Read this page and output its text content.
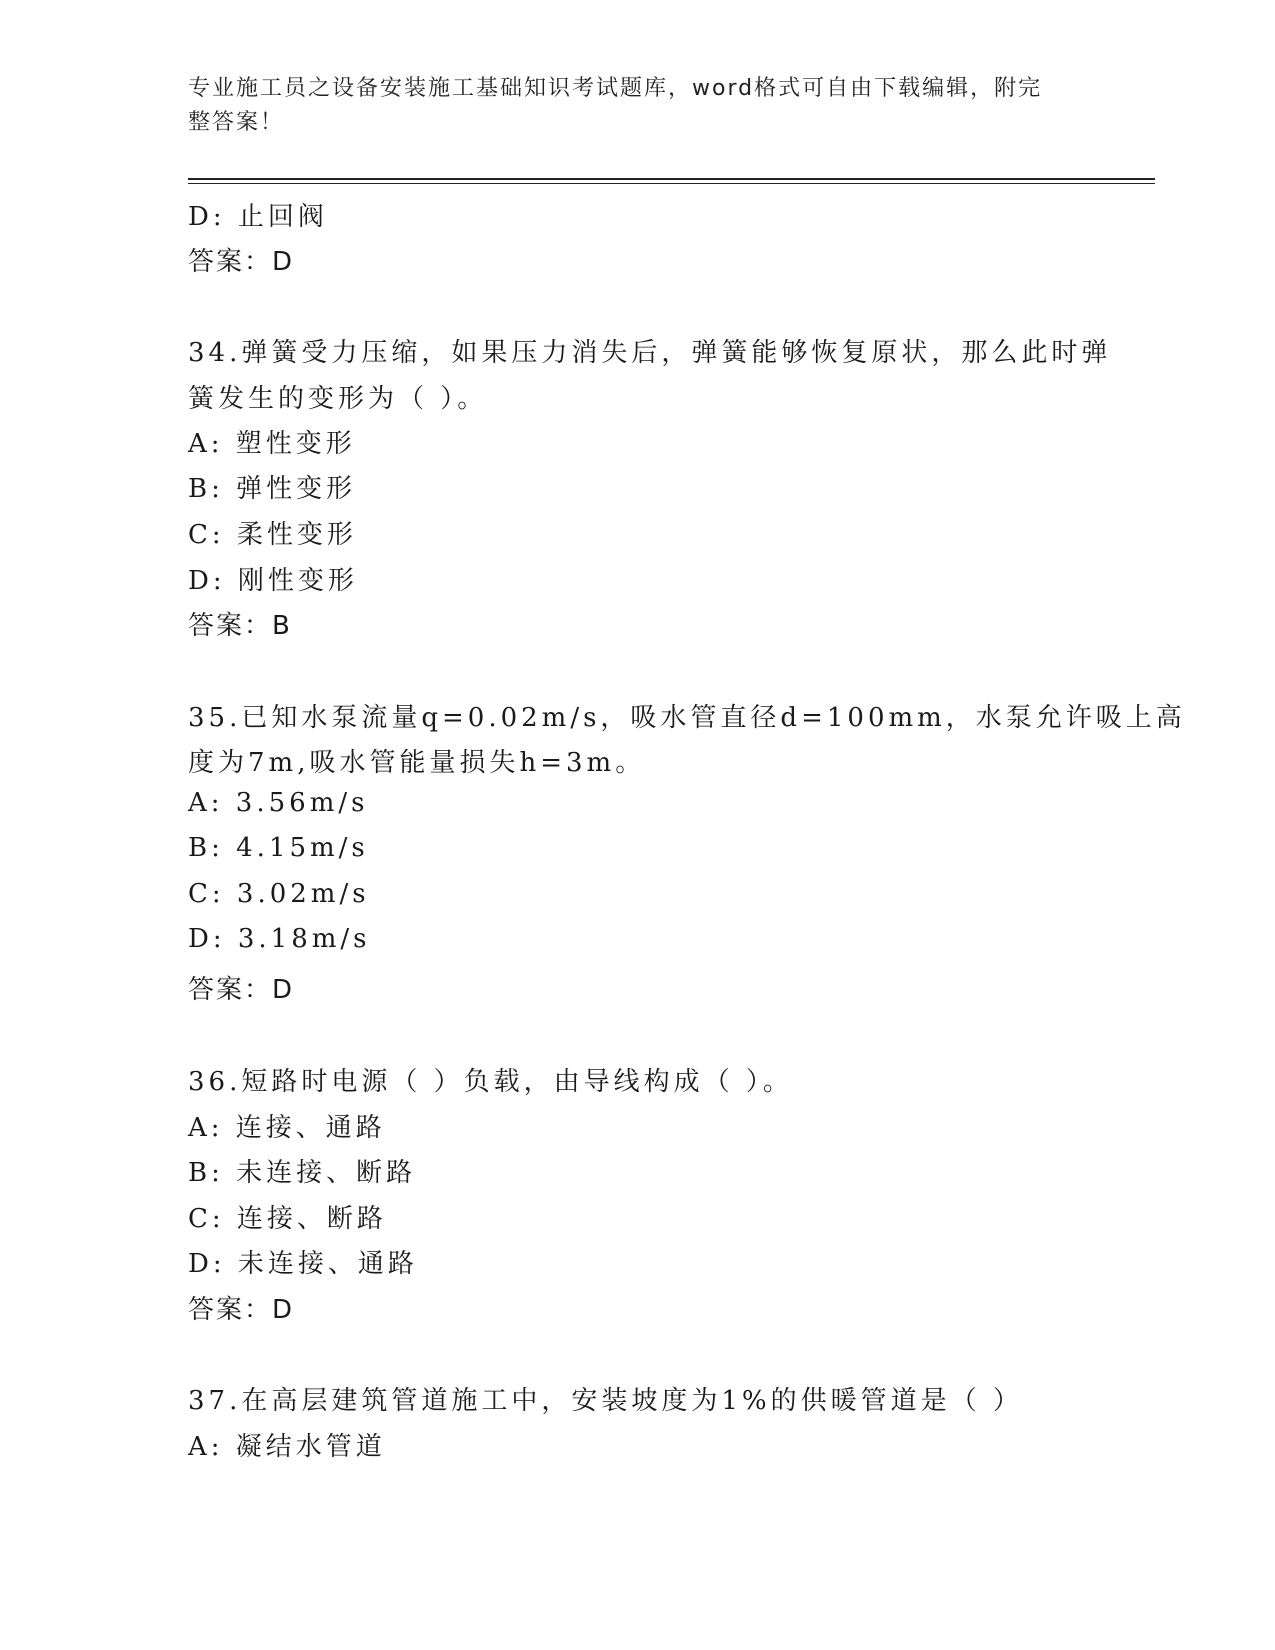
专业施工员之设备安装施工基础知识考试题库，word格式可自由下载编辑，附完
整答案！
D: 止回阀
答案：D
34.弹簧受力压缩，如果压力消失后，弹簧能够恢复原状，那么此时弹
簧发生的变形为（ ）。
A: 塑性变形
B: 弹性变形
C: 柔性变形
D: 刚性变形
答案：B
35.已知水泵流量q=0.02m/s，吸水管直径d=100mm，水泵允许吸上高
度为7m,吸水管能量损失h=3m。
A: 3.56m/s
B: 4.15m/s
C: 3.02m/s
D: 3.18m/s
答案：D
36.短路时电源（ ）负载，由导线构成（ ）。
A: 连接、通路
B: 未连接、断路
C: 连接、断路
D: 未连接、通路
答案：D
37.在高层建筑管道施工中，安装坡度为1%的供暖管道是（ ）
A: 凝结水管道
